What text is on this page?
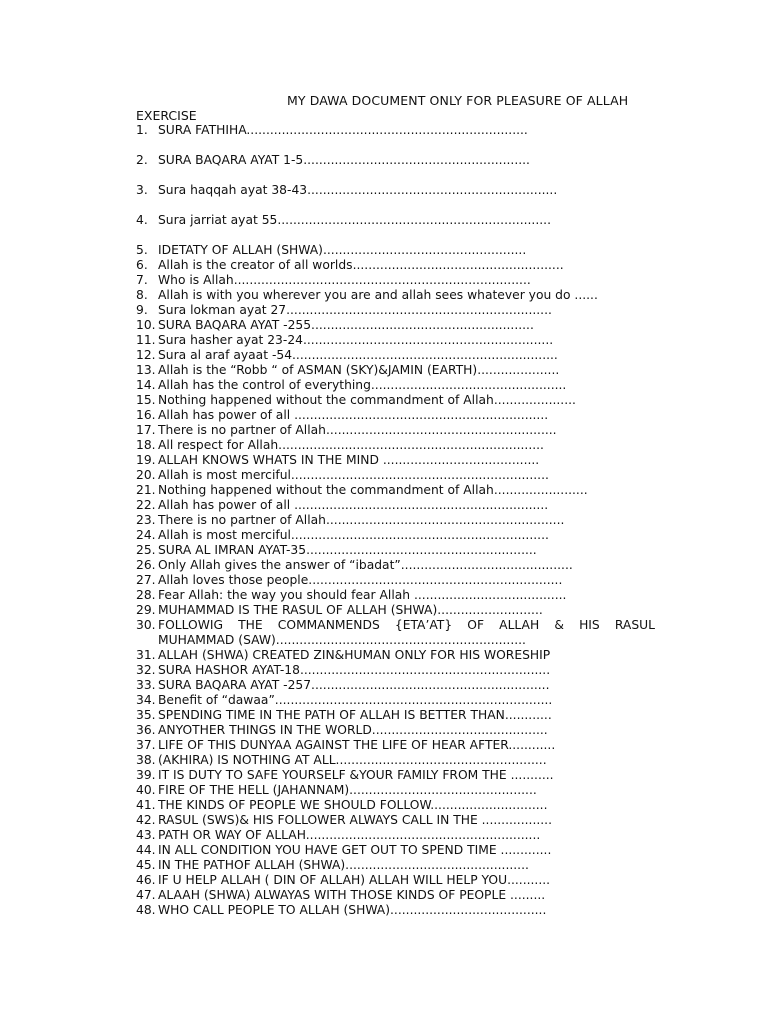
MY DAWA DOCUMENT ONLY FOR PLEASURE OF ALLAH
EXERCISE
1. SURA FATHIHA........................................................................
2. SURA BAQARA AYAT 1-5..........................................................
3. Sura haqqah ayat 38-43................................................................
4. Sura jarriat ayat 55......................................................................
5. IDETATY OF ALLAH (SHWA)....................................................
6. Allah is the creator of all worlds......................................................
7. Who is Allah............................................................................
8. Allah is with you wherever you are and allah sees whatever you do ......
9. Sura lokman ayat 27....................................................................
10. SURA BAQARA AYAT -255.........................................................
11. Sura hasher ayat 23-24................................................................
12. Sura al araf ayaat -54....................................................................
13. Allah is the “Robb “ of ASMAN (SKY)&JAMIN (EARTH).....................
14. Allah has the control of everything..................................................
15. Nothing happened without the commandment of Allah.....................
16. Allah has power of all .................................................................
17. There is no partner of Allah...........................................................
18. All respect for Allah....................................................................
19. ALLAH KNOWS WHATS IN THE MIND ........................................
20. Allah is most merciful..................................................................
21. Nothing happened without the commandment of Allah........................
22. Allah has power of all .................................................................
23. There is no partner of Allah.............................................................
24. Allah is most merciful..................................................................
25. SURA AL IMRAN AYAT-35...........................................................
26. Only Allah gives the answer of “ibadat”............................................
27. Allah loves those people.................................................................
28. Fear Allah: the way you should fear Allah .......................................
29. MUHAMMAD IS THE RASUL OF ALLAH (SHWA)...........................
30. FOLLOWIG THE COMMANMENDS {ETA’AT} OF ALLAH & HIS RASUL
MUHAMMAD (SAW)................................................................
31. ALLAH (SHWA) CREATED ZIN&HUMAN ONLY FOR HIS WORESHIP
32. SURA HASHOR AYAT-18................................................................
33. SURA BAQARA AYAT -257.............................................................
34. Benefit of “dawaa”.......................................................................
35. SPENDING TIME IN THE PATH OF ALLAH IS BETTER THAN............
36. ANYOTHER THINGS IN THE WORLD.............................................
37. LIFE OF THIS DUNYAA AGAINST THE LIFE OF HEAR AFTER............
38. (AKHIRA) IS NOTHING AT ALL......................................................
39. IT IS DUTY TO SAFE YOURSELF &YOUR FAMILY FROM THE ...........
40. FIRE OF THE HELL (JAHANNAM)................................................
41. THE KINDS OF PEOPLE WE SHOULD FOLLOW..............................
42. RASUL (SWS)& HIS FOLLOWER ALWAYS CALL IN THE ..................
43. PATH OR WAY OF ALLAH............................................................
44. IN ALL CONDITION YOU HAVE GET OUT TO SPEND TIME .............
45. IN THE PATHOF ALLAH (SHWA)...............................................
46. IF U HELP ALLAH ( DIN OF ALLAH) ALLAH WILL HELP YOU...........
47. ALAAH (SHWA) ALWAYAS WITH THOSE KINDS OF PEOPLE .........
48. WHO CALL PEOPLE TO ALLAH (SHWA)........................................
